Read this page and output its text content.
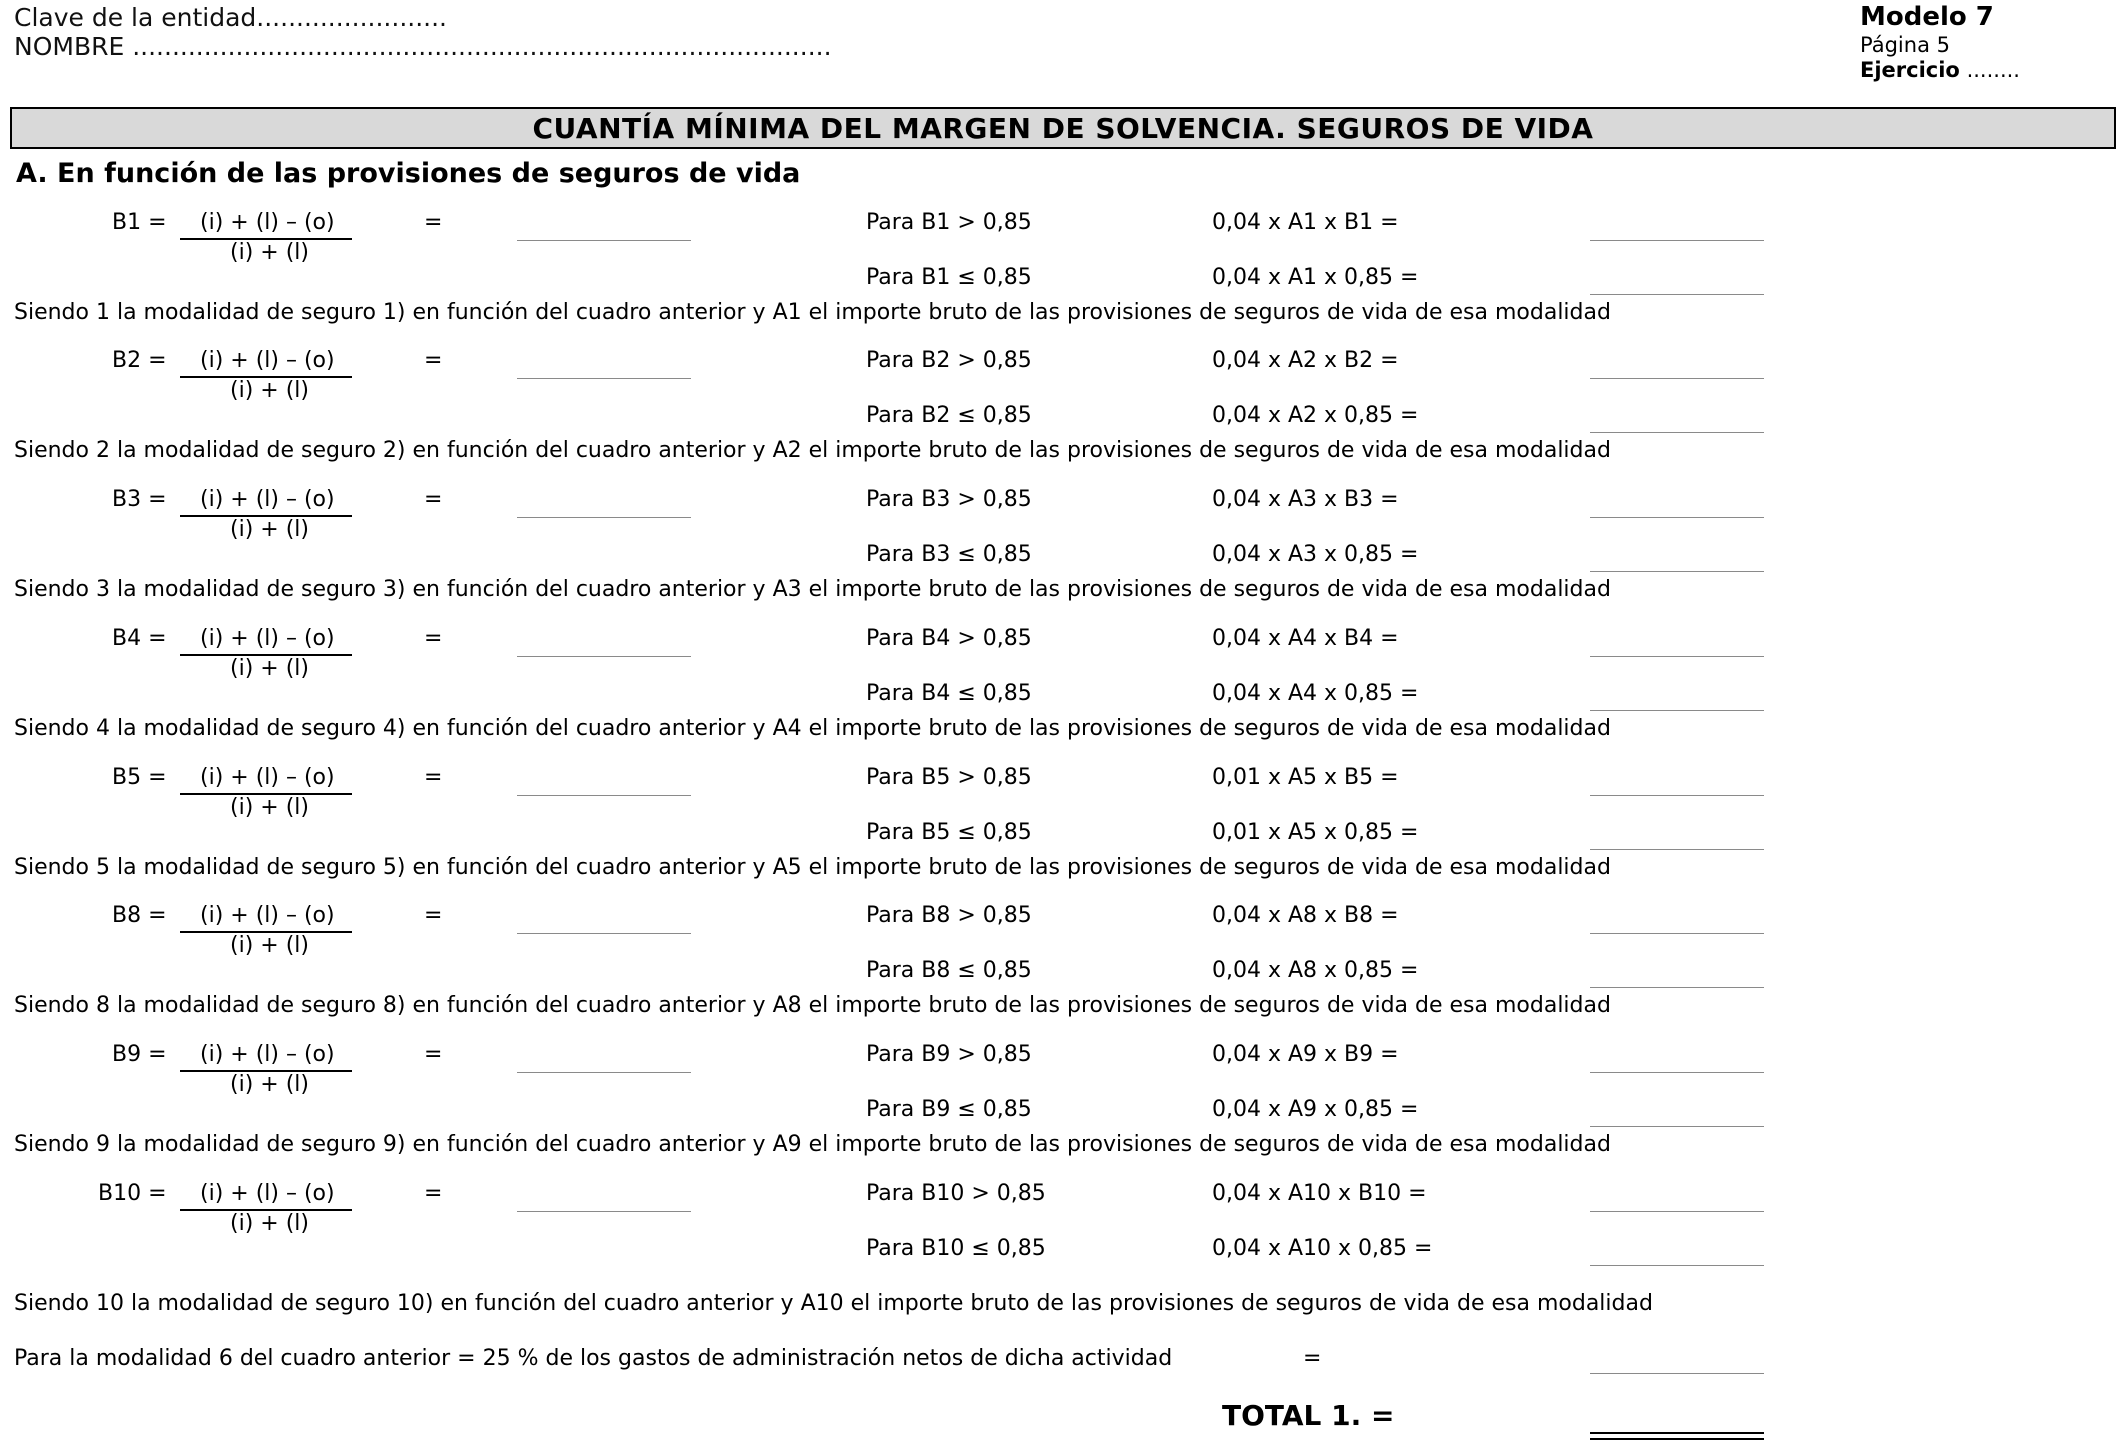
Clave de la entidad........................
NOMBRE ........................................................................................
Modelo 7
Página 5
Ejercicio ........
CUANTÍA MÍNIMA DEL MARGEN DE SOLVENCIA. SEGUROS DE VIDA
A. En función de las provisiones de seguros de vida
B1 = (i) + (l) – (o)
(i) + (l)
=	Para B1 > 0,85	0,04 x A1 x B1 =
Para B1 ≤ 0,85	0,04 x A1 x 0,85 =
Siendo 1 la modalidad de seguro 1) en función del cuadro anterior y A1 el importe bruto de las provisiones de seguros de vida de esa modalidad
B2 = (i) + (l) – (o)
(i) + (l)
=	Para B2 > 0,85	0,04 x A2 x B2 =
Para B2 ≤ 0,85	0,04 x A2 x 0,85 =
Siendo 2 la modalidad de seguro 2) en función del cuadro anterior y A2 el importe bruto de las provisiones de seguros de vida de esa modalidad
B3 = (i) + (l) – (o)
(i) + (l)
=	Para B3 > 0,85	0,04 x A3 x B3 =
Para B3 ≤ 0,85	0,04 x A3 x 0,85 =
Siendo 3 la modalidad de seguro 3) en función del cuadro anterior y A3 el importe bruto de las provisiones de seguros de vida de esa modalidad
B4 = (i) + (l) – (o)
(i) + (l)
=	Para B4 > 0,85	0,04 x A4 x B4 =
Para B4 ≤ 0,85	0,04 x A4 x 0,85 =
Siendo 4 la modalidad de seguro 4) en función del cuadro anterior y A4 el importe bruto de las provisiones de seguros de vida de esa modalidad
B5 = (i) + (l) – (o)
(i) + (l)
=	Para B5 > 0,85	0,01 x A5 x B5 =
Para B5 ≤ 0,85	0,01 x A5 x 0,85 =
Siendo 5 la modalidad de seguro 5) en función del cuadro anterior y A5 el importe bruto de las provisiones de seguros de vida de esa modalidad
B8 = (i) + (l) – (o)
(i) + (l)
=	Para B8 > 0,85	0,04 x A8 x B8 =
Para B8 ≤ 0,85	0,04 x A8 x 0,85 =
Siendo 8 la modalidad de seguro 8) en función del cuadro anterior y A8 el importe bruto de las provisiones de seguros de vida de esa modalidad
B9 = (i) + (l) – (o)
(i) + (l)
=	Para B9 > 0,85	0,04 x A9 x B9 =
Para B9 ≤ 0,85	0,04 x A9 x 0,85 =
Siendo 9 la modalidad de seguro 9) en función del cuadro anterior y A9 el importe bruto de las provisiones de seguros de vida de esa modalidad
B10 = (i) + (l) – (o)
(i) + (l)
=	Para B10 > 0,85	0,04 x A10 x B10 =
Para B10 ≤ 0,85	0,04 x A10 x 0,85 =
Siendo 10 la modalidad de seguro 10) en función del cuadro anterior y A10 el importe bruto de las provisiones de seguros de vida de esa modalidad
Para la modalidad 6 del cuadro anterior = 25 % de los gastos de administración netos de dicha actividad	=
TOTAL 1. =
